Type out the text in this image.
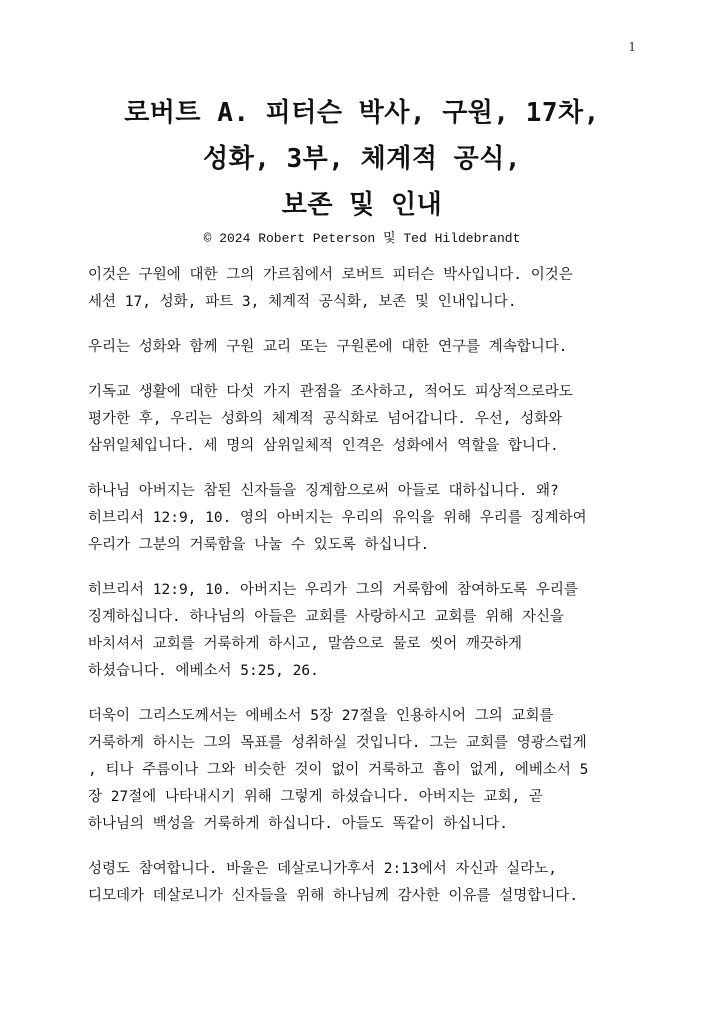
1
로버트 A. 피터슨 박사, 구원, 17차,
성화, 3부, 체계적 공식,
보존 및 인내
© 2024 Robert Peterson 및 Ted Hildebrandt

이것은 구원에 대한 그의 가르침에서 로버트 피터슨 박사입니다. 이것은
세션 17, 성화, 파트 3, 체계적 공식화, 보존 및 인내입니다.

우리는 성화와 함께 구원 교리 또는 구원론에 대한 연구를 계속합니다.

기독교 생활에 대한 다섯 가지 관점을 조사하고, 적어도 피상적으로라도
평가한 후, 우리는 성화의 체계적 공식화로 넘어갑니다. 우선, 성화와
삼위일체입니다. 세 명의 삼위일체적 인격은 성화에서 역할을 합니다.

하나님 아버지는 참된 신자들을 징계함으로써 아들로 대하십니다. 왜?
히브리서 12:9, 10. 영의 아버지는 우리의 유익을 위해 우리를 징계하여
우리가 그분의 거룩함을 나눌 수 있도록 하십니다.

히브리서 12:9, 10. 아버지는 우리가 그의 거룩함에 참여하도록 우리를
징계하십니다. 하나님의 아들은 교회를 사랑하시고 교회를 위해 자신을
바치셔서 교회를 거룩하게 하시고, 말씀으로 물로 씻어 깨끗하게
하셨습니다. 에베소서 5:25, 26.

더욱이 그리스도께서는 에베소서 5장 27절을 인용하시어 그의 교회를
거룩하게 하시는 그의 목표를 성취하실 것입니다. 그는 교회를 영광스럽게
, 티나 주름이나 그와 비슷한 것이 없이 거룩하고 흠이 없게, 에베소서 5
장 27절에 나타내시기 위해 그렇게 하셨습니다. 아버지는 교회, 곧
하나님의 백성을 거룩하게 하십니다. 아들도 똑같이 하십니다.

성령도 참여합니다. 바울은 데살로니가후서 2:13에서 자신과 실라노,
디모데가 데살로니가 신자들을 위해 하나님께 감사한 이유를 설명합니다.
